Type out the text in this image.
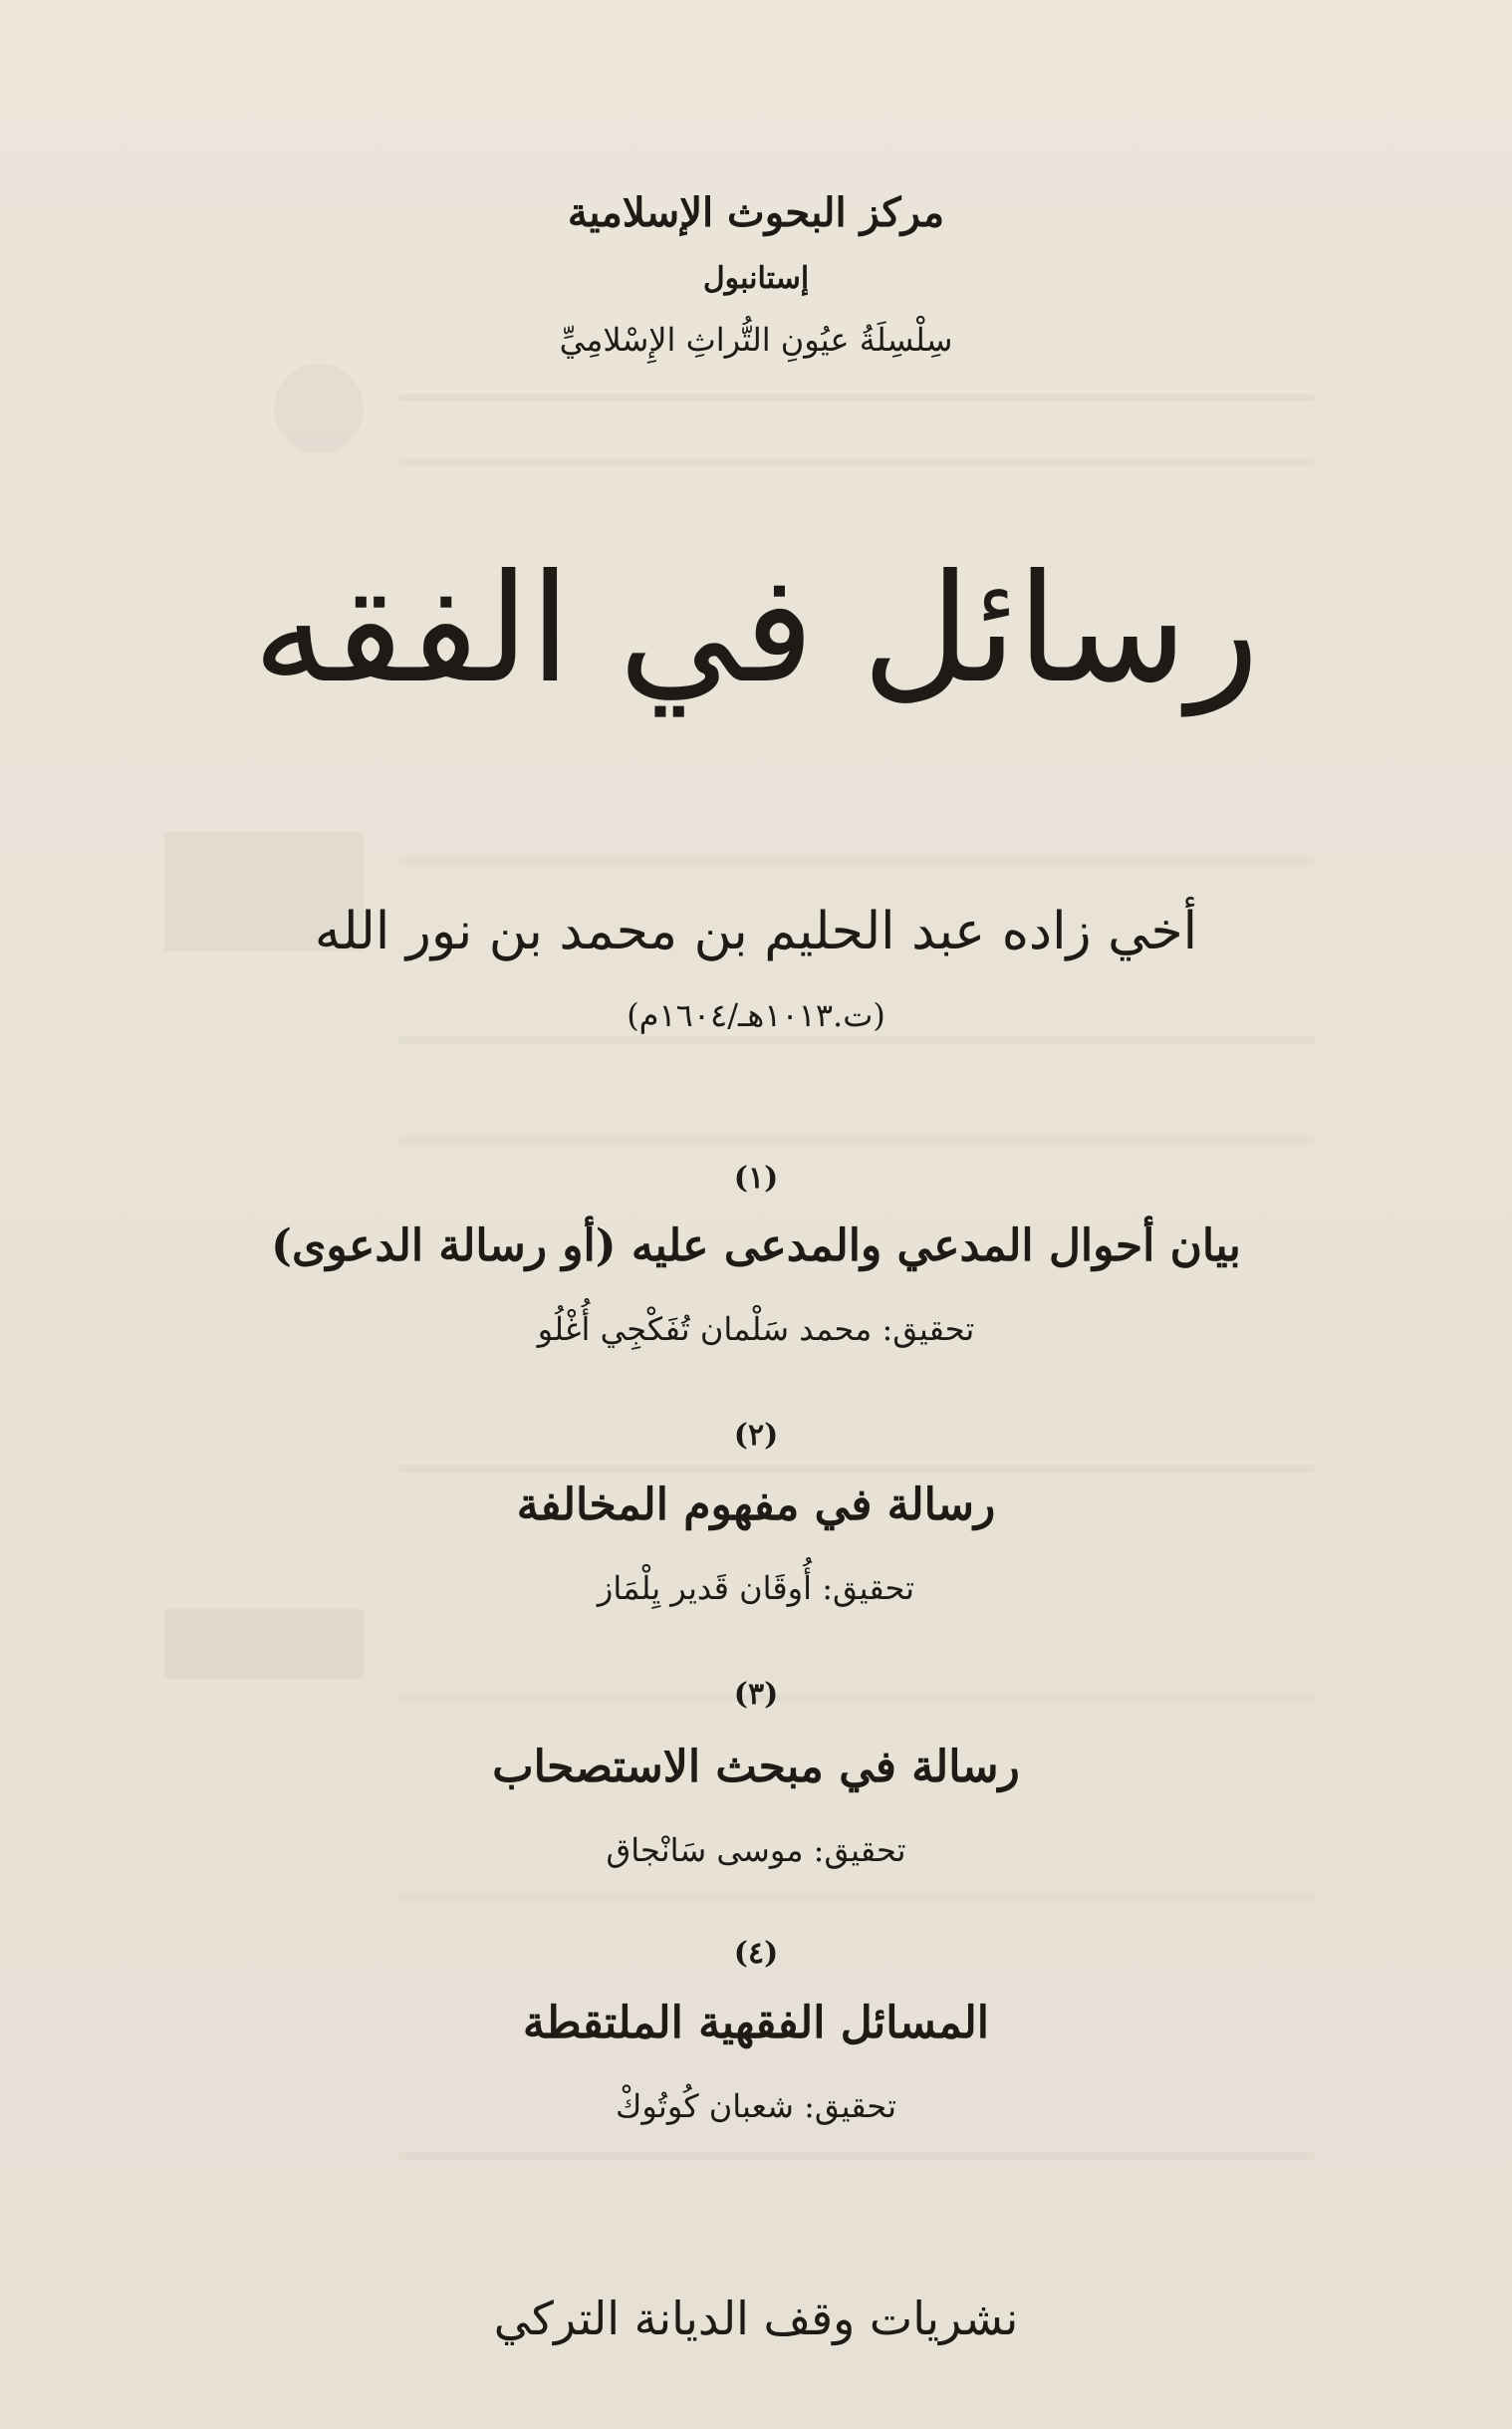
مركز البحوث الإسلامية
إستانبول
سِلْسِلَةُ عيُونِ التُّراثِ الإِسْلامِيِّ
رسائل في الفقه
أخي زاده عبد الحليم بن محمد بن نور الله
(ت.١٠١٣هـ/١٦٠٤م)
(١)
بيان أحوال المدعي والمدعى عليه (أو رسالة الدعوى)
تحقيق: محمد سَلْمان تُفَكْجِي أُغْلُو
(٢)
رسالة في مفهوم المخالفة
تحقيق: أُوقَان قَدير يِلْمَاز
(٣)
رسالة في مبحث الاستصحاب
تحقيق: موسى سَانْجاق
(٤)
المسائل الفقهية الملتقطة
تحقيق: شعبان كُوتُوكْ
نشريات وقف الديانة التركي
